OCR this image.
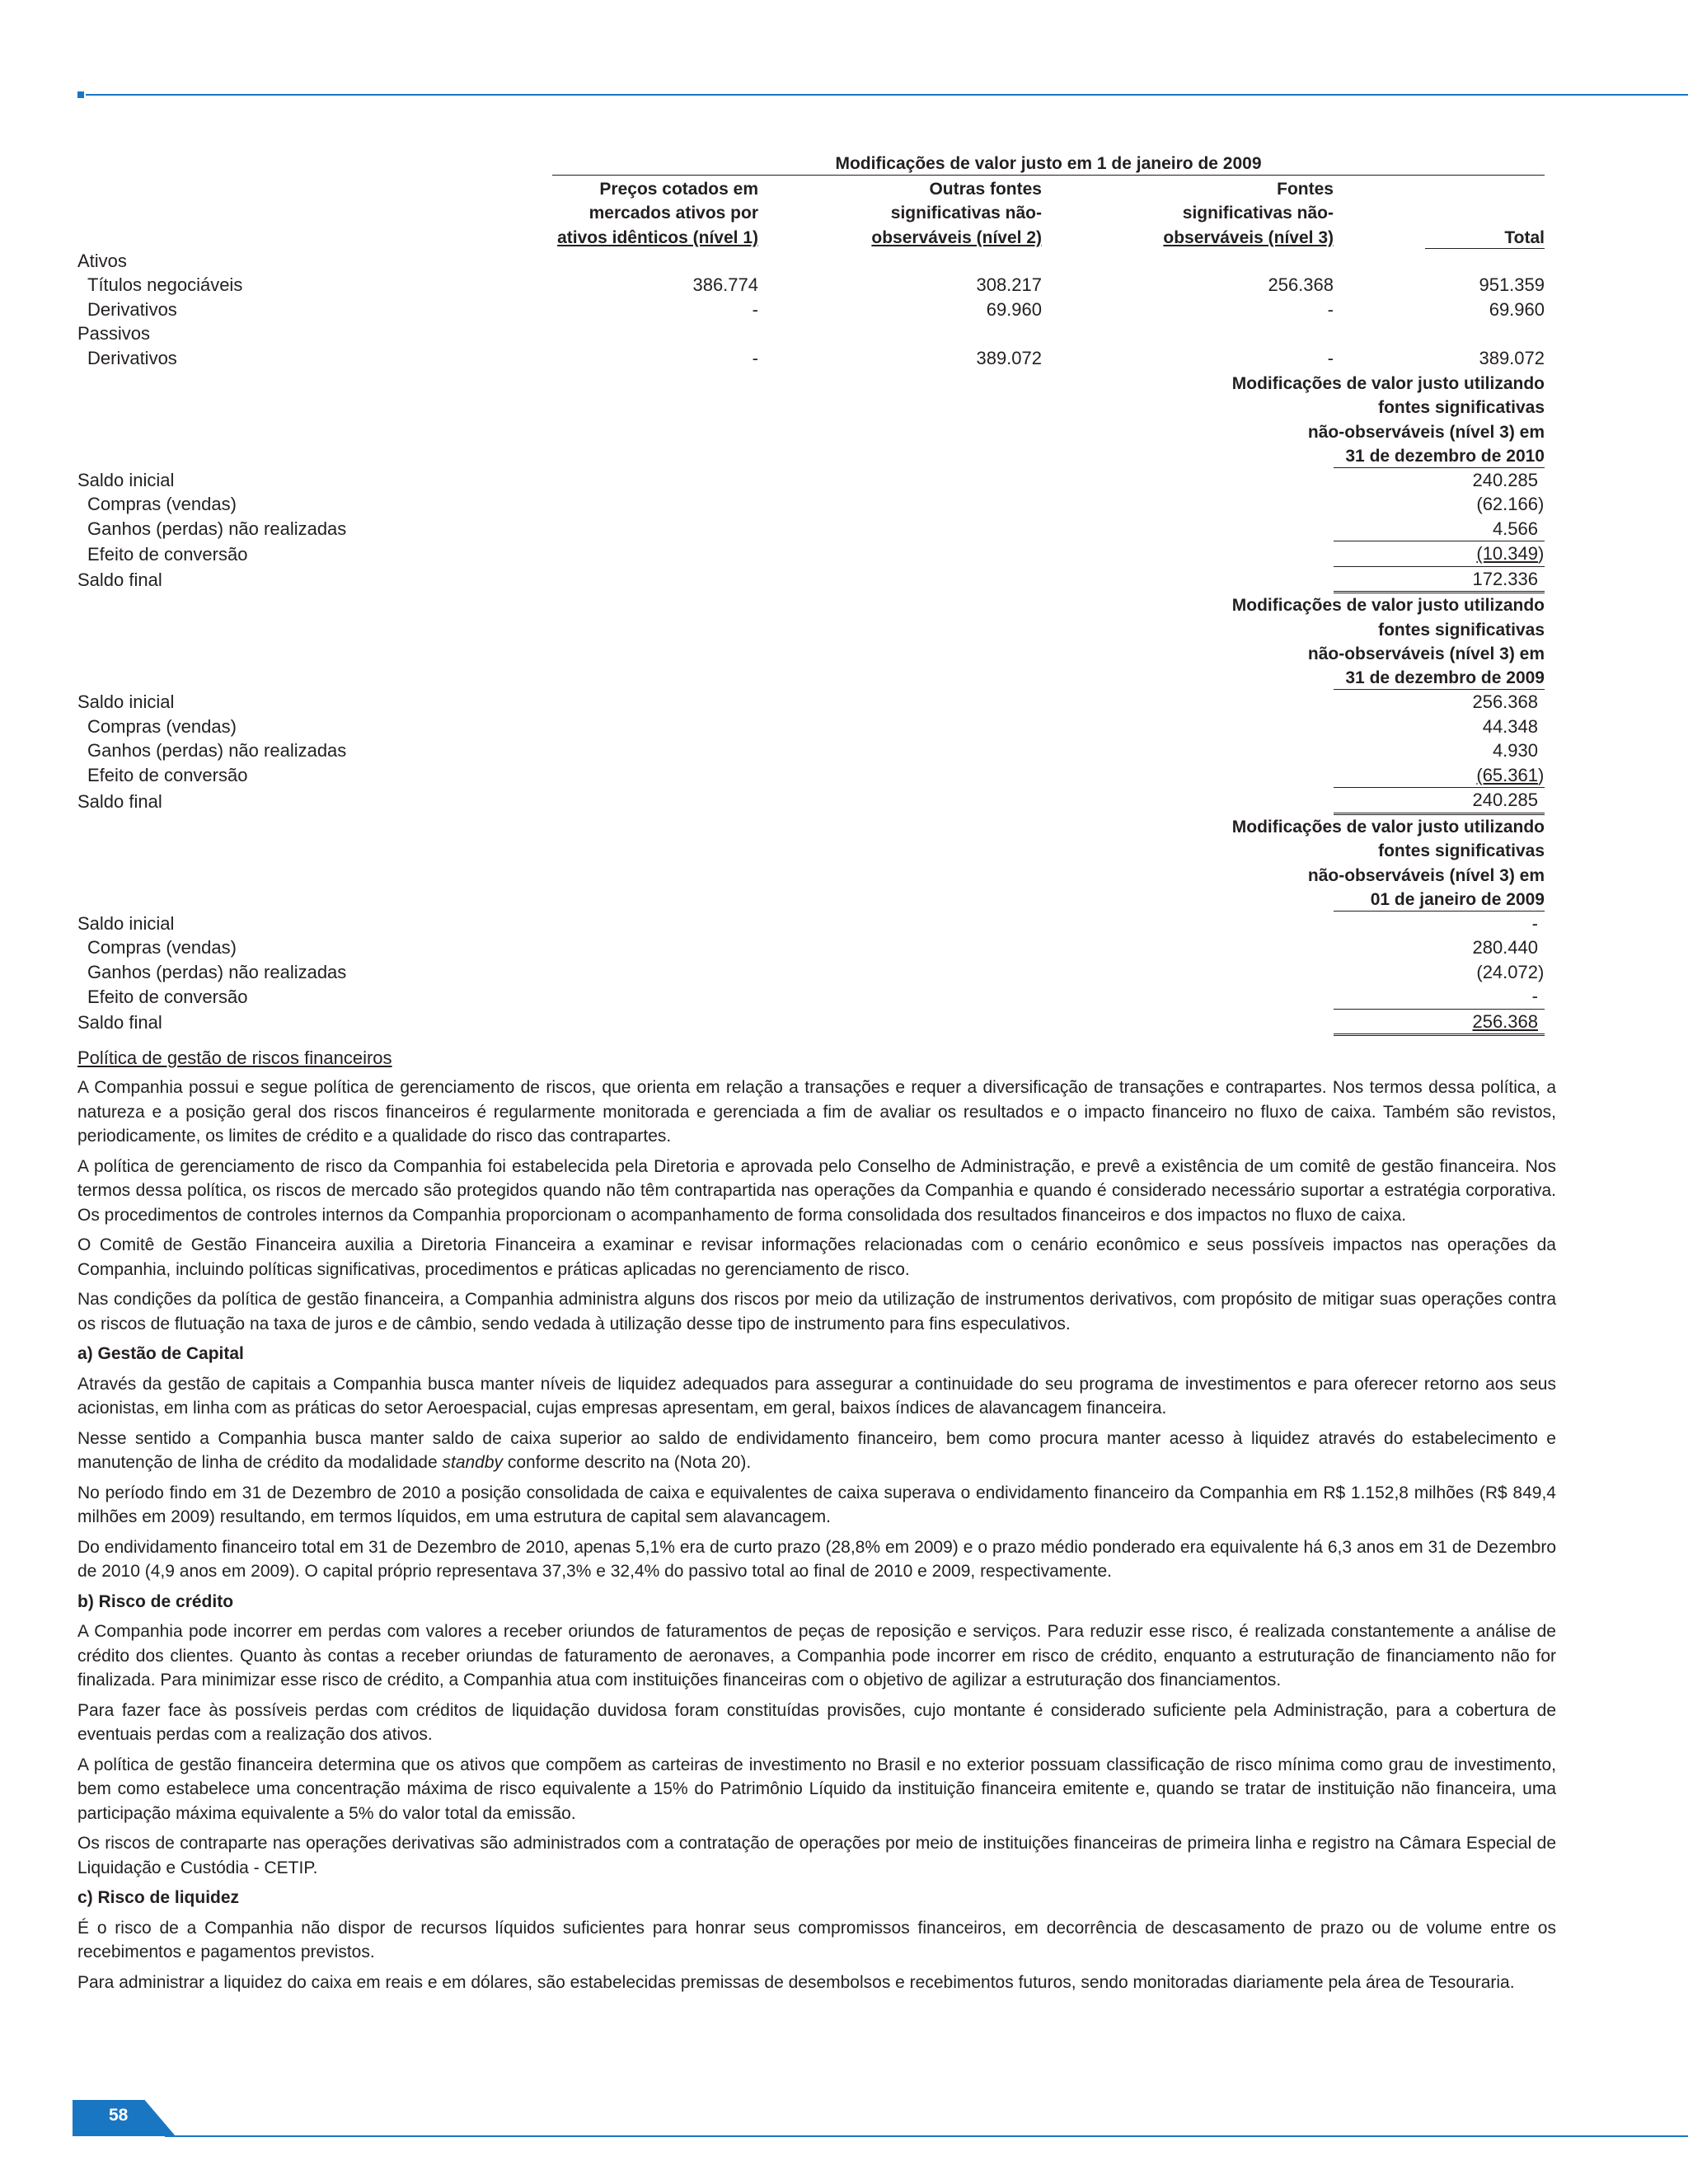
	Modificações de valor justo em 1 de janeiro de 2009			
	Preços cotados em	Outras fontes	Fontes	
	mercados ativos por	significativas não-	significativas não-	
	ativos idênticos (nível 1)	observáveis (nível 2)	observáveis (nível 3)	Total
Ativos				
Títulos negociáveis	386.774	308.217	256.368	951.359
Derivativos	-	69.960	-	69.960
Passivos				
Derivativos	-	389.072	-	389.072
			Modificações de valor justo utilizando	
			fontes significativas	
			não-observáveis (nível 3) em	
				31 de dezembro de 2010
Saldo inicial				240.285
Compras (vendas)				(62.166)
Ganhos (perdas) não realizadas				4.566
Efeito de conversão				(10.349)
Saldo final				172.336
			Modificações de valor justo utilizando	
			fontes significativas	
			não-observáveis (nível 3) em	
				31 de dezembro de 2009
Saldo inicial				256.368
Compras (vendas)				44.348
Ganhos (perdas) não realizadas				4.930
Efeito de conversão				(65.361)
Saldo final				240.285
			Modificações de valor justo utilizando	
			fontes significativas	
			não-observáveis (nível 3) em	
				01 de janeiro de 2009
Saldo inicial				-
Compras (vendas)				280.440
Ganhos (perdas) não realizadas				(24.072)
Efeito de conversão				-
Saldo final				256.368
Política de gestão de riscos financeiros

A Companhia possui e segue política de gerenciamento de riscos, que orienta em relação a transações e requer a diversificação de transações e contrapartes. Nos termos dessa política, a natureza e a posição geral dos riscos financeiros é regularmente monitorada e gerenciada a fim de avaliar os resultados e o impacto financeiro no fluxo de caixa. Também são revistos, periodicamente, os limites de crédito e a qualidade do risco das contrapartes.

A política de gerenciamento de risco da Companhia foi estabelecida pela Diretoria e aprovada pelo Conselho de Administração, e prevê a existência de um comitê de gestão financeira. Nos termos dessa política, os riscos de mercado são protegidos quando não têm contrapartida nas operações da Companhia e quando é considerado necessário suportar a estratégia corporativa. Os procedimentos de controles internos da Companhia proporcionam o acompanhamento de forma consolidada dos resultados financeiros e dos impactos no fluxo de caixa.

O Comitê de Gestão Financeira auxilia a Diretoria Financeira a examinar e revisar informações relacionadas com o cenário econômico e seus possíveis impactos nas operações da Companhia, incluindo políticas significativas, procedimentos e práticas aplicadas no gerenciamento de risco.

Nas condições da política de gestão financeira, a Companhia administra alguns dos riscos por meio da utilização de instrumentos derivativos, com propósito de mitigar suas operações contra os riscos de flutuação na taxa de juros e de câmbio, sendo vedada à utilização desse tipo de instrumento para fins especulativos.

a) Gestão de Capital

Através da gestão de capitais a Companhia busca manter níveis de liquidez adequados para assegurar a continuidade do seu programa de investimentos e para oferecer retorno aos seus acionistas, em linha com as práticas do setor Aeroespacial, cujas empresas apresentam, em geral, baixos índices de alavancagem financeira.

Nesse sentido a Companhia busca manter saldo de caixa superior ao saldo de endividamento financeiro, bem como procura manter acesso à liquidez através do estabelecimento e manutenção de linha de crédito da modalidade standby conforme descrito na (Nota 20).

No período findo em 31 de Dezembro de 2010 a posição consolidada de caixa e equivalentes de caixa superava o endividamento financeiro da Companhia em R$ 1.152,8 milhões (R$ 849,4 milhões em 2009) resultando, em termos líquidos, em uma estrutura de capital sem alavancagem.

Do endividamento financeiro total em 31 de Dezembro de 2010, apenas 5,1% era de curto prazo (28,8% em 2009) e o prazo médio ponderado era equivalente há 6,3 anos em 31 de Dezembro de 2010 (4,9 anos em 2009). O capital próprio representava 37,3% e 32,4% do passivo total ao final de 2010 e 2009, respectivamente.

b) Risco de crédito

A Companhia pode incorrer em perdas com valores a receber oriundos de faturamentos de peças de reposição e serviços. Para reduzir esse risco, é realizada constantemente a análise de crédito dos clientes. Quanto às contas a receber oriundas de faturamento de aeronaves, a Companhia pode incorrer em risco de crédito, enquanto a estruturação de financiamento não for finalizada. Para minimizar esse risco de crédito, a Companhia atua com instituições financeiras com o objetivo de agilizar a estruturação dos financiamentos.

Para fazer face às possíveis perdas com créditos de liquidação duvidosa foram constituídas provisões, cujo montante é considerado suficiente pela Administração, para a cobertura de eventuais perdas com a realização dos ativos.

A política de gestão financeira determina que os ativos que compõem as carteiras de investimento no Brasil e no exterior possuam classificação de risco mínima como grau de investimento, bem como estabelece uma concentração máxima de risco equivalente a 15% do Patrimônio Líquido da instituição financeira emitente e, quando se tratar de instituição não financeira, uma participação máxima equivalente a 5% do valor total da emissão.

Os riscos de contraparte nas operações derivativas são administrados com a contratação de operações por meio de instituições financeiras de primeira linha e registro na Câmara Especial de Liquidação e Custódia - CETIP.

c) Risco de liquidez

É o risco de a Companhia não dispor de recursos líquidos suficientes para honrar seus compromissos financeiros, em decorrência de descasamento de prazo ou de volume entre os recebimentos e pagamentos previstos.

Para administrar a liquidez do caixa em reais e em dólares, são estabelecidas premissas de desembolsos e recebimentos futuros, sendo monitoradas diariamente pela área de Tesouraria.

58
